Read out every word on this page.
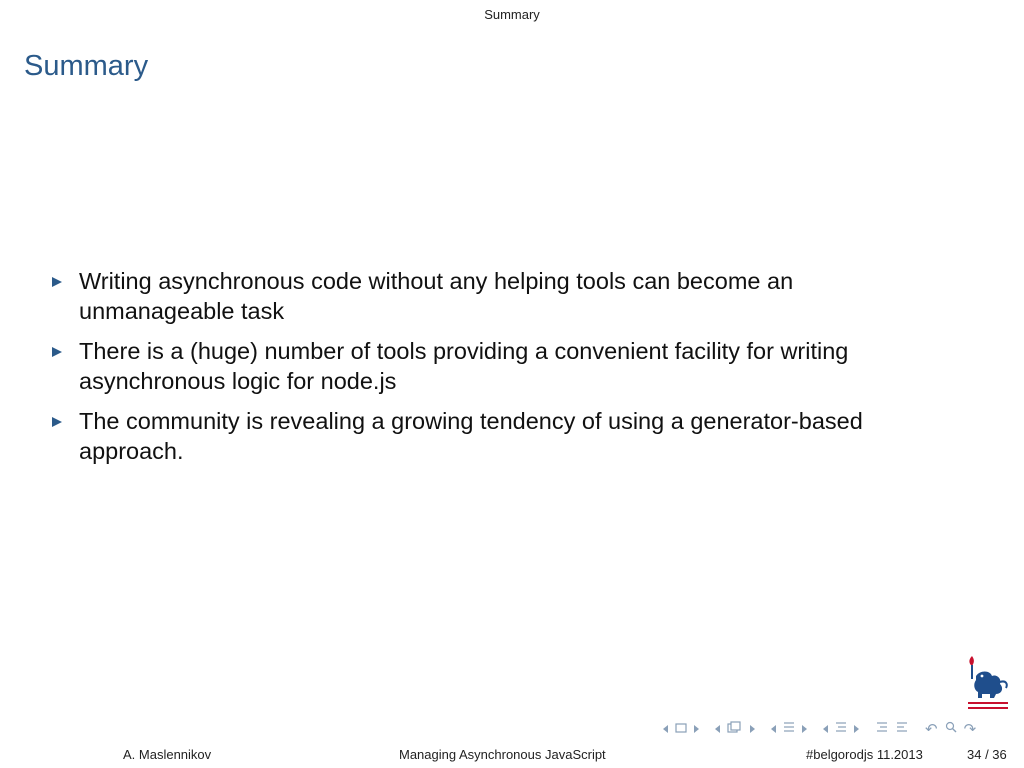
Summary
Summary
Writing asynchronous code without any helping tools can become an unmanageable task
There is a (huge) number of tools providing a convenient facility for writing asynchronous logic for node.js
The community is revealing a growing tendency of using a generator-based approach.
↶ ↷
A. Maslennikov	Managing Asynchronous JavaScript	#belgorodjs 11.2013	34 / 36
